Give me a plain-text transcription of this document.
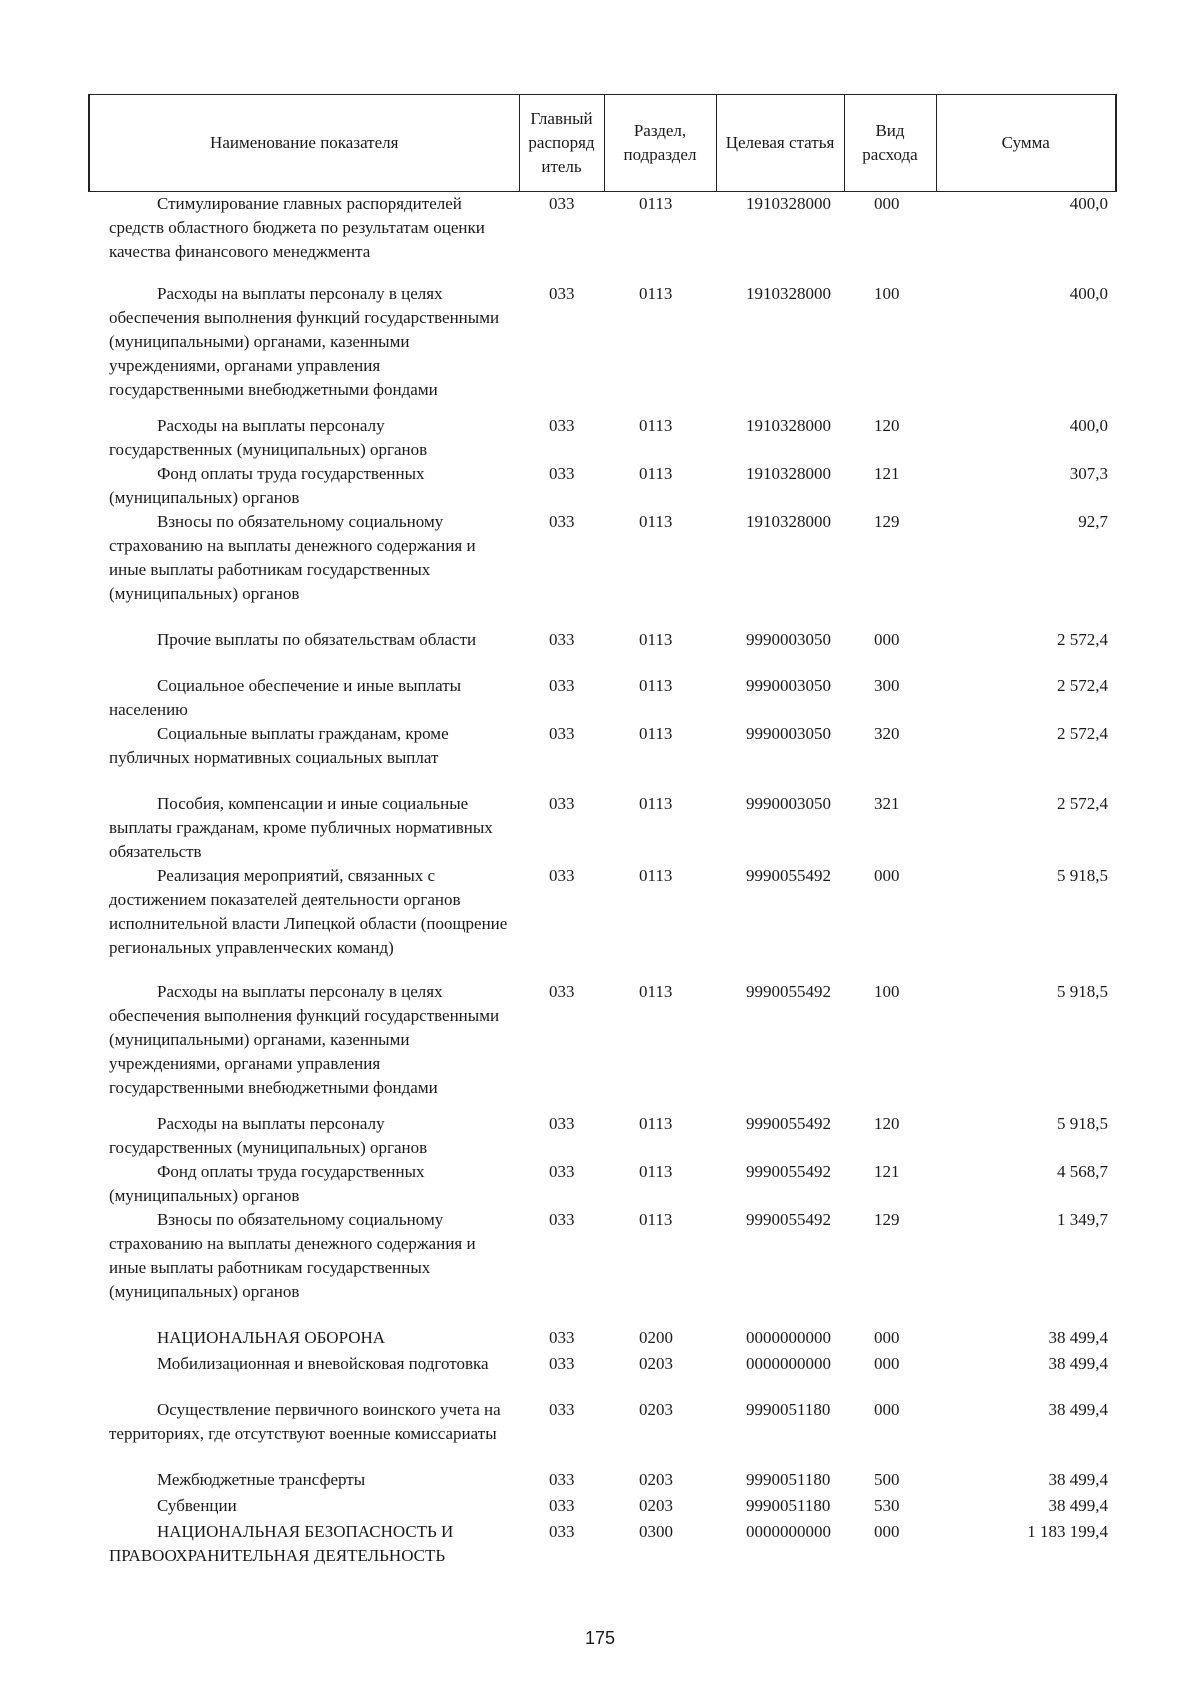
Наименование показателя	Главный распоряд итель	Раздел, подраздел	Целевая статья	Вид расхода	Сумма
Стимулирование главных распорядителей средств областного бюджета по результатам оценки качества финансового менеджмента	033	0113	1910328000	000	400,0
Расходы на выплаты персоналу в целях обеспечения выполнения функций государственными (муниципальными) органами, казенными учреждениями, органами управления государственными внебюджетными фондами	033	0113	1910328000	100	400,0
Расходы на выплаты персоналу государственных (муниципальных) органов	033	0113	1910328000	120	400,0
Фонд оплаты труда государственных (муниципальных) органов	033	0113	1910328000	121	307,3
Взносы по обязательному социальному страхованию на выплаты денежного содержания и иные выплаты работникам государственных (муниципальных) органов	033	0113	1910328000	129	92,7
Прочие выплаты по обязательствам области	033	0113	9990003050	000	2 572,4
Социальное обеспечение и иные выплаты населению	033	0113	9990003050	300	2 572,4
Социальные выплаты гражданам, кроме публичных нормативных социальных выплат	033	0113	9990003050	320	2 572,4
Пособия, компенсации и иные социальные выплаты гражданам, кроме публичных нормативных обязательств	033	0113	9990003050	321	2 572,4
Реализация мероприятий, связанных с достижением показателей деятельности органов исполнительной власти Липецкой области (поощрение региональных управленческих команд)	033	0113	9990055492	000	5 918,5
Расходы на выплаты персоналу в целях обеспечения выполнения функций государственными (муниципальными) органами, казенными учреждениями, органами управления государственными внебюджетными фондами	033	0113	9990055492	100	5 918,5
Расходы на выплаты персоналу государственных (муниципальных) органов	033	0113	9990055492	120	5 918,5
Фонд оплаты труда государственных (муниципальных) органов	033	0113	9990055492	121	4 568,7
Взносы по обязательному социальному страхованию на выплаты денежного содержания и иные выплаты работникам государственных (муниципальных) органов	033	0113	9990055492	129	1 349,7
НАЦИОНАЛЬНАЯ ОБОРОНА	033	0200	0000000000	000	38 499,4
Мобилизационная и вневойсковая подготовка	033	0203	0000000000	000	38 499,4
Осуществление первичного воинского учета на территориях, где отсутствуют военные комиссариаты	033	0203	9990051180	000	38 499,4
Межбюджетные трансферты	033	0203	9990051180	500	38 499,4
Субвенции	033	0203	9990051180	530	38 499,4
НАЦИОНАЛЬНАЯ БЕЗОПАСНОСТЬ И ПРАВООХРАНИТЕЛЬНАЯ ДЕЯТЕЛЬНОСТЬ	033	0300	0000000000	000	1 183 199,4
175
